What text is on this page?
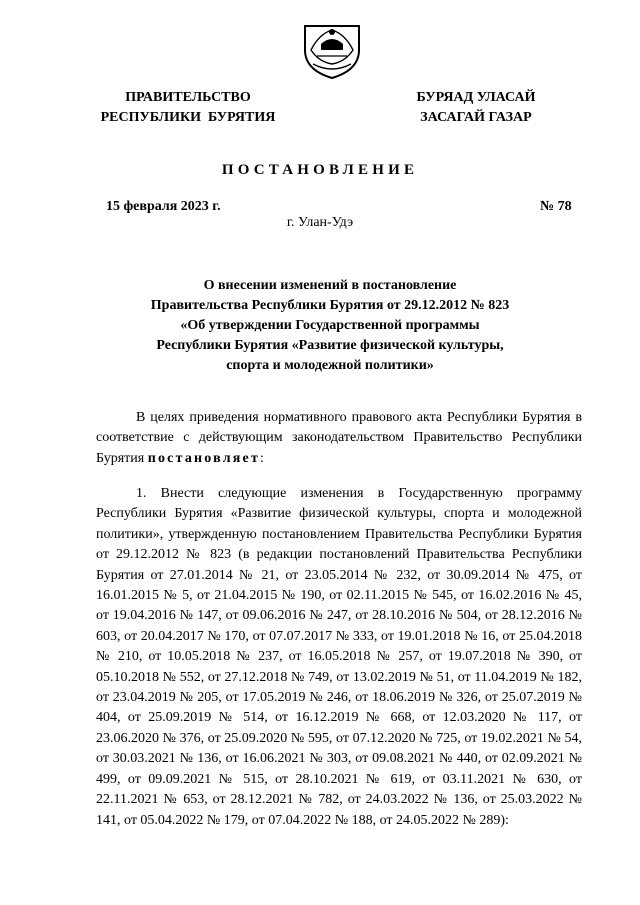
ПРАВИТЕЛЬСТВО
РЕСПУБЛИКИ  БУРЯТИЯ
БУРЯАД УЛАСАЙ
ЗАСАГАЙ ГАЗАР
ПОСТАНОВЛЕНИЕ
15 февраля 2023 г.	№ 78
г. Улан-Удэ
О внесении изменений в постановление
Правительства Республики Бурятия от 29.12.2012 № 823
«Об утверждении Государственной программы
Республики Бурятия «Развитие физической культуры,
спорта и молодежной политики»
В целях приведения нормативного правового акта Республики Бурятия в соответствие с действующим законодательством Правительство Республики Бурятия постановляет:
1. Внести следующие изменения в Государственную программу Республики Бурятия «Развитие физической культуры, спорта и молодежной политики», утвержденную постановлением Правительства Республики Бурятия от 29.12.2012 № 823 (в редакции постановлений Правительства Республики Бурятия от 27.01.2014 № 21, от 23.05.2014 № 232, от 30.09.2014 № 475, от 16.01.2015 № 5, от 21.04.2015 № 190, от 02.11.2015 № 545, от 16.02.2016 № 45, от 19.04.2016 № 147, от 09.06.2016 № 247, от 28.10.2016 № 504, от 28.12.2016 № 603, от 20.04.2017 № 170, от 07.07.2017 № 333, от 19.01.2018 № 16, от 25.04.2018 № 210, от 10.05.2018 № 237, от 16.05.2018 № 257, от 19.07.2018 № 390, от 05.10.2018 № 552, от 27.12.2018 № 749, от 13.02.2019 № 51, от 11.04.2019 № 182, от 23.04.2019 № 205, от 17.05.2019 № 246, от 18.06.2019 № 326, от 25.07.2019 № 404, от 25.09.2019 № 514, от 16.12.2019 № 668, от 12.03.2020 № 117, от 23.06.2020 № 376, от 25.09.2020 № 595, от 07.12.2020 № 725, от 19.02.2021 № 54, от 30.03.2021 № 136, от 16.06.2021 № 303, от 09.08.2021 № 440, от 02.09.2021 № 499, от 09.09.2021 № 515, от 28.10.2021 № 619, от 03.11.2021 № 630, от 22.11.2021 № 653, от 28.12.2021 № 782, от 24.03.2022 № 136, от 25.03.2022 № 141, от 05.04.2022 № 179, от 07.04.2022 № 188, от 24.05.2022 № 289):
